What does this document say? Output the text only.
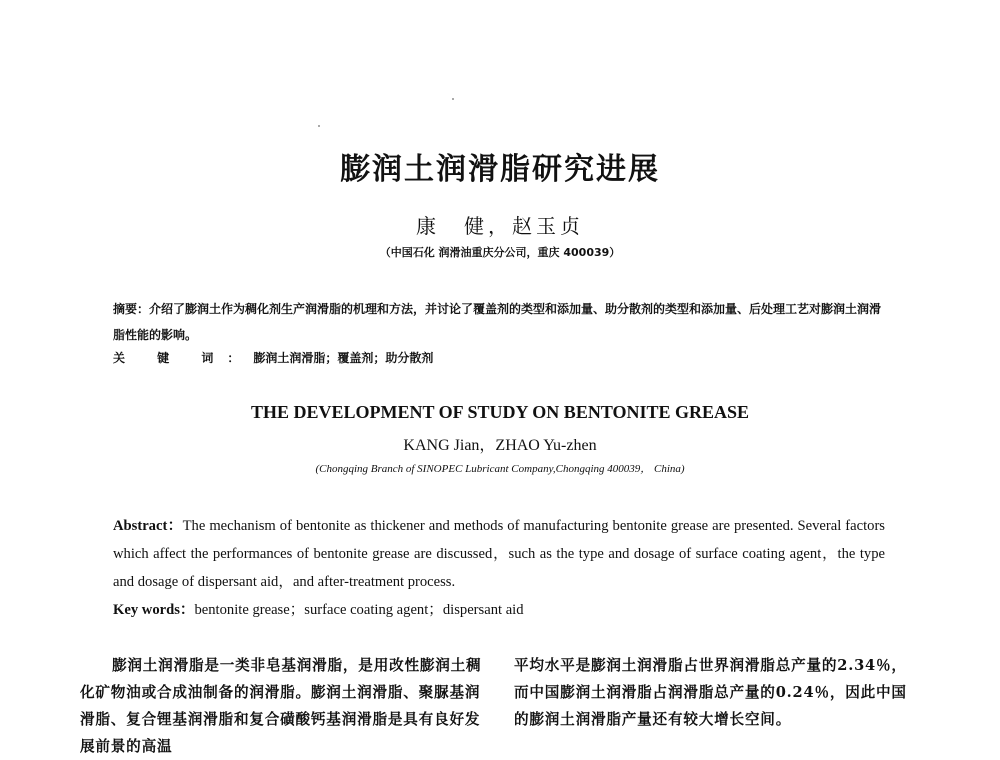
膨润土润滑脂研究进展
康　健，赵玉贞
（中国石化 润滑油重庆分公司，重庆 400039）
摘要：介绍了膨润土作为稠化剂生产润滑脂的机理和方法，并讨论了覆盖剂的类型和添加量、助分散剂的类型和添加量、后处理工艺对膨润土润滑脂性能的影响。
关 键 词：膨润土润滑脂；覆盖剂；助分散剂
THE DEVELOPMENT OF STUDY ON BENTONITE GREASE
KANG Jian，ZHAO Yu-zhen
(Chongqing Branch of SINOPEC Lubricant Company,Chongqing 400039， China)
Abstract：The mechanism of bentonite as thickener and methods of manufacturing bentonite grease are presented. Several factors which affect the performances of bentonite grease are discussed，such as the type and dosage of surface coating agent，the type and dosage of dispersant aid，and after-treatment process.
Key words：bentonite grease；surface coating agent；dispersant aid
膨润土润滑脂是一类非皂基润滑脂，是用改性膨润土稠化矿物油或合成油制备的润滑脂。膨润土润滑脂、聚脲基润滑脂、复合锂基润滑脂和复合磺酸钙基润滑脂是具有良好发展前景的高温
平均水平是膨润土润滑脂占世界润滑脂总产量的2.34％，而中国膨润土润滑脂占润滑脂总产量的0.24％，因此中国的膨润土润滑脂产量还有较大增长空间。
